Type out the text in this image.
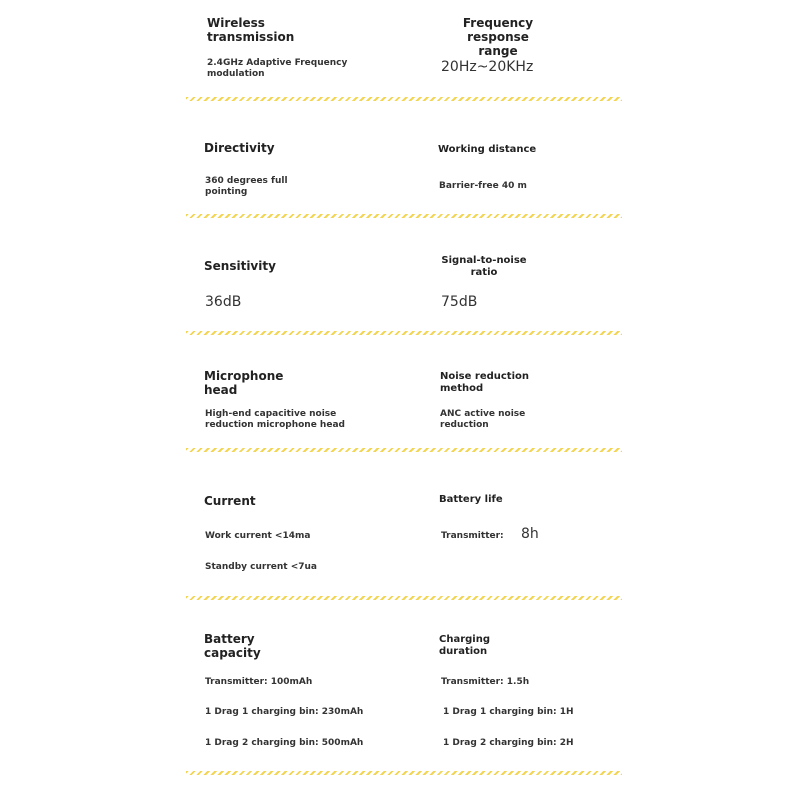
Wireless
transmission
2.4GHz Adaptive Frequency
modulation
Frequency response
range
20Hz~20KHz
Directivity
360 degrees full
pointing
Working distance
Barrier-free 40 m
Sensitivity
36dB
Signal-to-noise
ratio
75dB
Microphone
head
High-end capacitive noise
reduction microphone head
Noise reduction
method
ANC active noise
reduction
Current
Work current <14ma
Standby current <7ua
Battery life
Transmitter: 8h
Battery
capacity
Transmitter: 100mAh
1 Drag 1 charging bin: 230mAh
1 Drag 2 charging bin: 500mAh
Charging
duration
Transmitter: 1.5h
1 Drag 1 charging bin: 1H
1 Drag 2 charging bin: 2H
